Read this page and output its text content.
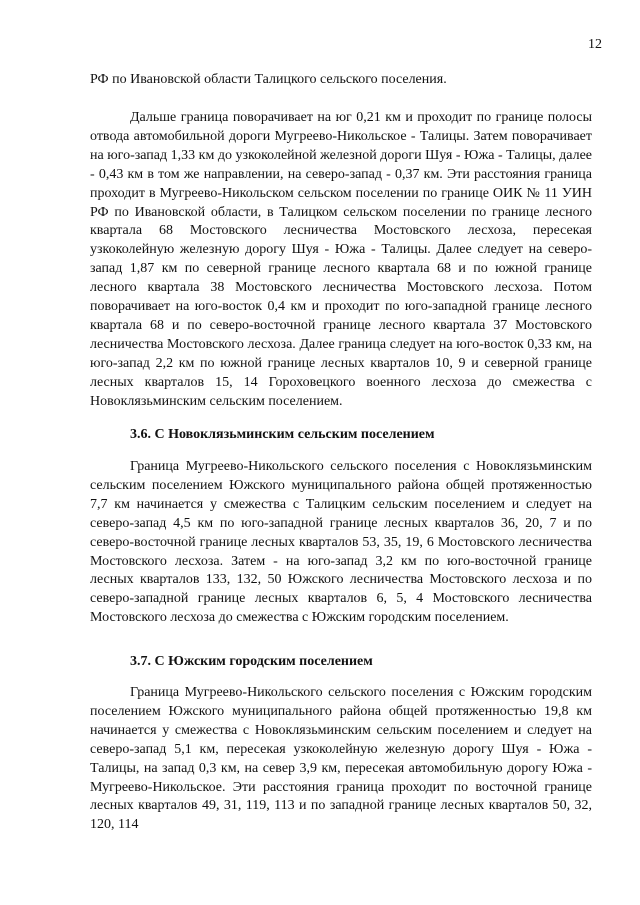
12
РФ по Ивановской области Талицкого сельского поселения.
Дальше граница поворачивает на юг 0,21 км и проходит по границе полосы отвода автомобильной дороги Мугреево-Никольское - Талицы. Затем поворачивает на юго-запад 1,33 км до узкоколейной железной дороги Шуя - Южа - Талицы, далее - 0,43 км в том же направлении, на северо-запад - 0,37 км. Эти расстояния граница проходит в Мугреево-Никольском сельском поселении по границе ОИК № 11 УИН РФ по Ивановской области, в Талицком сельском поселении по границе лесного квартала 68 Мостовского лесничества Мостовского лесхоза, пересекая узкоколейную железную дорогу Шуя - Южа - Талицы. Далее следует на северо-запад 1,87 км по северной границе лесного квартала 68 и по южной границе лесного квартала 38 Мостовского лесничества Мостовского лесхоза. Потом поворачивает на юго-восток 0,4 км и проходит по юго-западной границе лесного квартала 68 и по северо-восточной границе лесного квартала 37 Мостовского лесничества Мостовского лесхоза. Далее граница следует на юго-восток 0,33 км, на юго-запад 2,2 км по южной границе лесных кварталов 10, 9 и северной границе лесных кварталов 15, 14 Гороховецкого военного лесхоза до смежества с Новоклязьминским сельским поселением.
3.6. С Новоклязьминским сельским поселением
Граница Мугреево-Никольского сельского поселения с Новоклязьминским сельским поселением Южского муниципального района общей протяженностью 7,7 км начинается у смежества с Талицким сельским поселением и следует на северо-запад 4,5 км по юго-западной границе лесных кварталов 36, 20, 7 и по северо-восточной границе лесных кварталов 53, 35, 19, 6 Мостовского лесничества Мостовского лесхоза. Затем - на юго-запад 3,2 км по юго-восточной границе лесных кварталов 133, 132, 50 Южского лесничества Мостовского лесхоза и по северо-западной границе лесных кварталов 6, 5, 4 Мостовского лесничества Мостовского лесхоза до смежества с Южским городским поселением.
3.7. С Южским городским поселением
Граница Мугреево-Никольского сельского поселения с Южским городским поселением Южского муниципального района общей протяженностью 19,8 км начинается у смежества с Новоклязьминским сельским поселением и следует на северо-запад 5,1 км, пересекая узкоколейную железную дорогу Шуя - Южа - Талицы, на запад 0,3 км, на север 3,9 км, пересекая автомобильную дорогу Южа - Мугреево-Никольское. Эти расстояния граница проходит по восточной границе лесных кварталов 49, 31, 119, 113 и по западной границе лесных кварталов 50, 32, 120, 114
